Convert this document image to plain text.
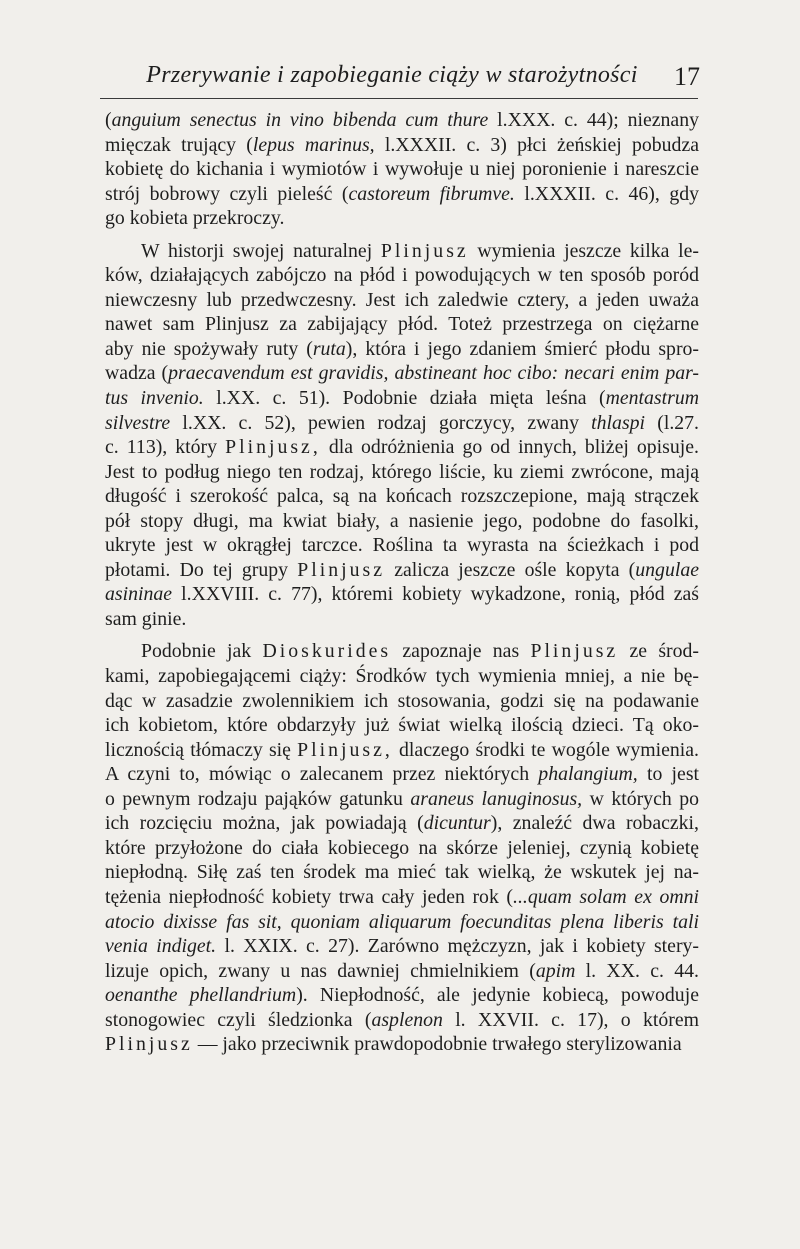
Przerywanie i zapobieganie ciąży w starożytności	17
(anguium senectus in vino bibenda cum thure l.XXX. c. 44); nieznany
mięczak trujący (lepus marinus, l.XXXII. c. 3) płci żeńskiej pobudza
kobietę do kichania i wymiotów i wywołuje u niej poronienie i nareszcie
strój bobrowy czyli pieleść (castoreum fibrumve. l.XXXII. c. 46), gdy
go kobieta przekroczy.
W historji swojej naturalnej Plinjusz wymienia jeszcze kilka le-
ków, działających zabójczo na płód i powodujących w ten sposób poród
niewczesny lub przedwczesny. Jest ich zaledwie cztery, a jeden uważa
nawet sam Plinjusz za zabijający płód. Toteż przestrzega on ciężarne
aby nie spożywały ruty (ruta), która i jego zdaniem śmierć płodu spro-
wadza (praecavendum est gravidis, abstineant hoc cibo: necari enim par-
tus invenio. l.XX. c. 51). Podobnie działa mięta leśna (mentastrum
silvestre l.XX. c. 52), pewien rodzaj gorczycy, zwany thlaspi (l.27.
c. 113), który Plinjusz, dla odróżnienia go od innych, bliżej opisuje.
Jest to podług niego ten rodzaj, którego liście, ku ziemi zwrócone, mają
długość i szerokość palca, są na końcach rozszczepione, mają strączek
pół stopy długi, ma kwiat biały, a nasienie jego, podobne do fasolki,
ukryte jest w okrągłej tarczce. Roślina ta wyrasta na ścieżkach i pod
płotami. Do tej grupy Plinjusz zalicza jeszcze ośle kopyta (ungulae
asininae l.XXVIII. c. 77), któremi kobiety wykadzone, ronią, płód zaś
sam ginie.
Podobnie jak Dioskurides zapoznaje nas Plinjusz ze środ-
kami, zapobiegającemi ciąży: Środków tych wymienia mniej, a nie bę-
dąc w zasadzie zwolennikiem ich stosowania, godzi się na podawanie
ich kobietom, które obdarzyły już świat wielką ilością dzieci. Tą oko-
licznością tłómaczy się Plinjusz, dlaczego środki te wogóle wymienia.
A czyni to, mówiąc o zalecanem przez niektórych phalangium, to jest
o pewnym rodzaju pająków gatunku araneus lanuginosus, w których po
ich rozcięciu można, jak powiadają (dicuntur), znaleźć dwa robaczki,
które przyłożone do ciała kobiecego na skórze jeleniej, czynią kobietę
niepłodną. Siłę zaś ten środek ma mieć tak wielką, że wskutek jej na-
tężenia niepłodność kobiety trwa cały jeden rok (...quam solam ex omni
atocio dixisse fas sit, quoniam aliquarum foecunditas plena liberis tali
venia indiget. l. XXIX. c. 27). Zarówno mężczyzn, jak i kobiety stery-
lizuje opich, zwany u nas dawniej chmielnikiem (apim l. XX. c. 44.
oenanthe phellandrium). Niepłodność, ale jedynie kobiecą, powoduje
stonogowiec czyli śledzionka (asplenon l. XXVII. c. 17), o którem
Plinjusz — jako przeciwnik prawdopodobnie trwałego sterylizowania
